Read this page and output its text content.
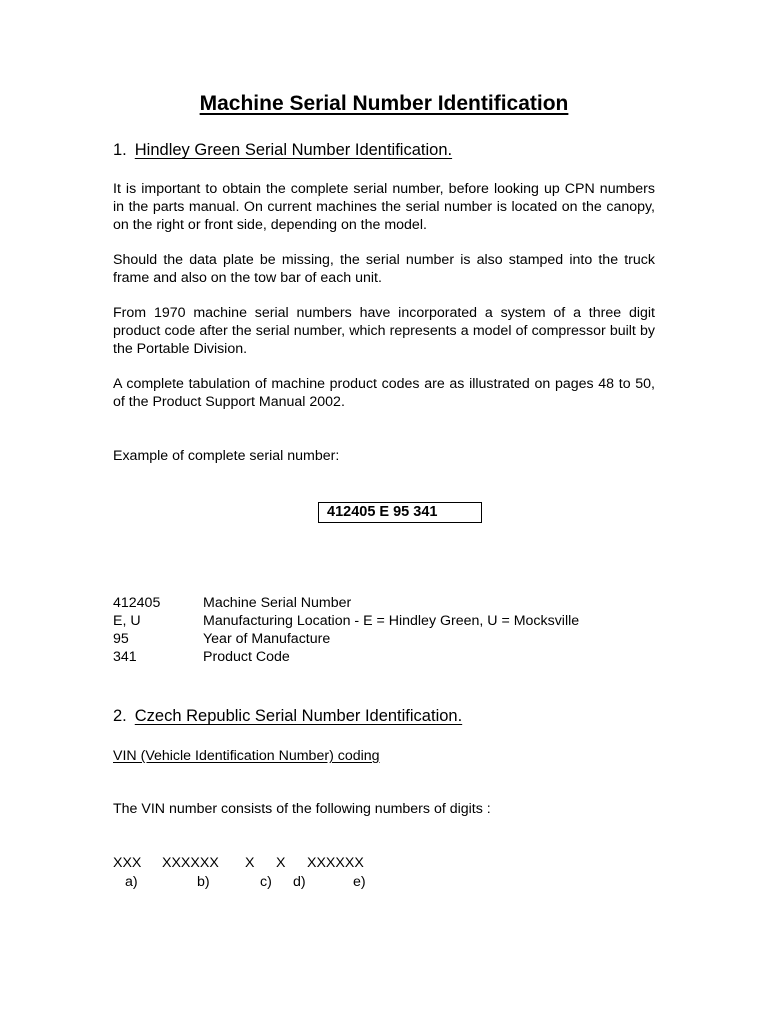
Machine Serial Number Identification
1. Hindley Green Serial Number Identification.
It is important to obtain the complete serial number, before looking up CPN numbers in the parts manual. On current machines the serial number is located on the canopy, on the right or front side, depending on the model.
Should the data plate be missing, the serial number is also stamped into the truck frame and also on the tow bar of each unit.
From 1970 machine serial numbers have incorporated a system of a three digit product code after the serial number, which represents a model of compressor built by the Portable Division.
A complete tabulation of machine product codes are as illustrated on pages 48 to 50, of the Product Support Manual 2002.
Example of complete serial number:
412405 E 95 341
412405	Machine Serial Number
E, U	Manufacturing Location - E = Hindley Green, U = Mocksville
95	Year of Manufacture
341	Product Code
2. Czech Republic Serial Number Identification.
VIN (Vehicle Identification Number) coding
The VIN number consists of the following numbers of digits :
XXX XXXXXX X X XXXXXX
a)	b)	c) d)	e)
